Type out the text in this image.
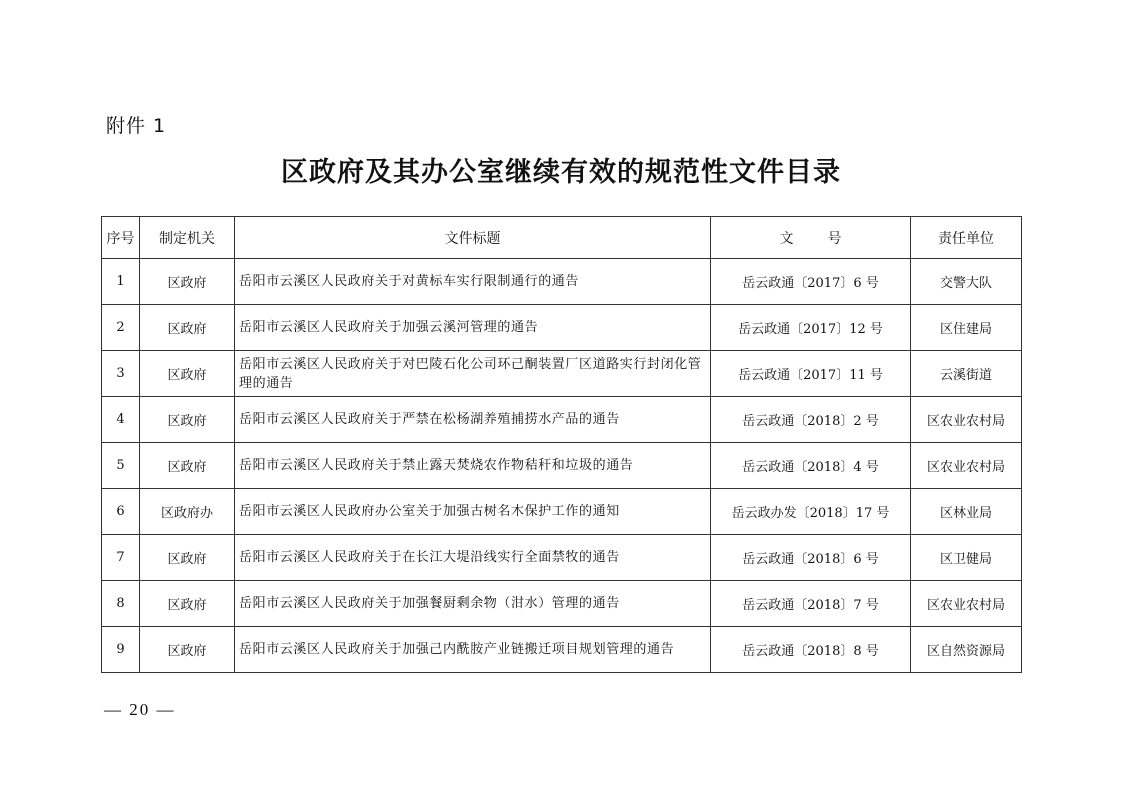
附件 1
区政府及其办公室继续有效的规范性文件目录
序号	制定机关	文件标题	文号	责任单位
1	区政府	岳阳市云溪区人民政府关于对黄标车实行限制通行的通告	岳云政通〔2017〕6 号	交警大队
2	区政府	岳阳市云溪区人民政府关于加强云溪河管理的通告	岳云政通〔2017〕12 号	区住建局
3	区政府	岳阳市云溪区人民政府关于对巴陵石化公司环己酮装置厂区道路实行封闭化管理的通告	岳云政通〔2017〕11 号	云溪街道
4	区政府	岳阳市云溪区人民政府关于严禁在松杨湖养殖捕捞水产品的通告	岳云政通〔2018〕2 号	区农业农村局
5	区政府	岳阳市云溪区人民政府关于禁止露天焚烧农作物秸秆和垃圾的通告	岳云政通〔2018〕4 号	区农业农村局
6	区政府办	岳阳市云溪区人民政府办公室关于加强古树名木保护工作的通知	岳云政办发〔2018〕17 号	区林业局
7	区政府	岳阳市云溪区人民政府关于在长江大堤沿线实行全面禁牧的通告	岳云政通〔2018〕6 号	区卫健局
8	区政府	岳阳市云溪区人民政府关于加强餐厨剩余物（泔水）管理的通告	岳云政通〔2018〕7 号	区农业农村局
9	区政府	岳阳市云溪区人民政府关于加强己内酰胺产业链搬迁项目规划管理的通告	岳云政通〔2018〕8 号	区自然资源局
— 20 —
